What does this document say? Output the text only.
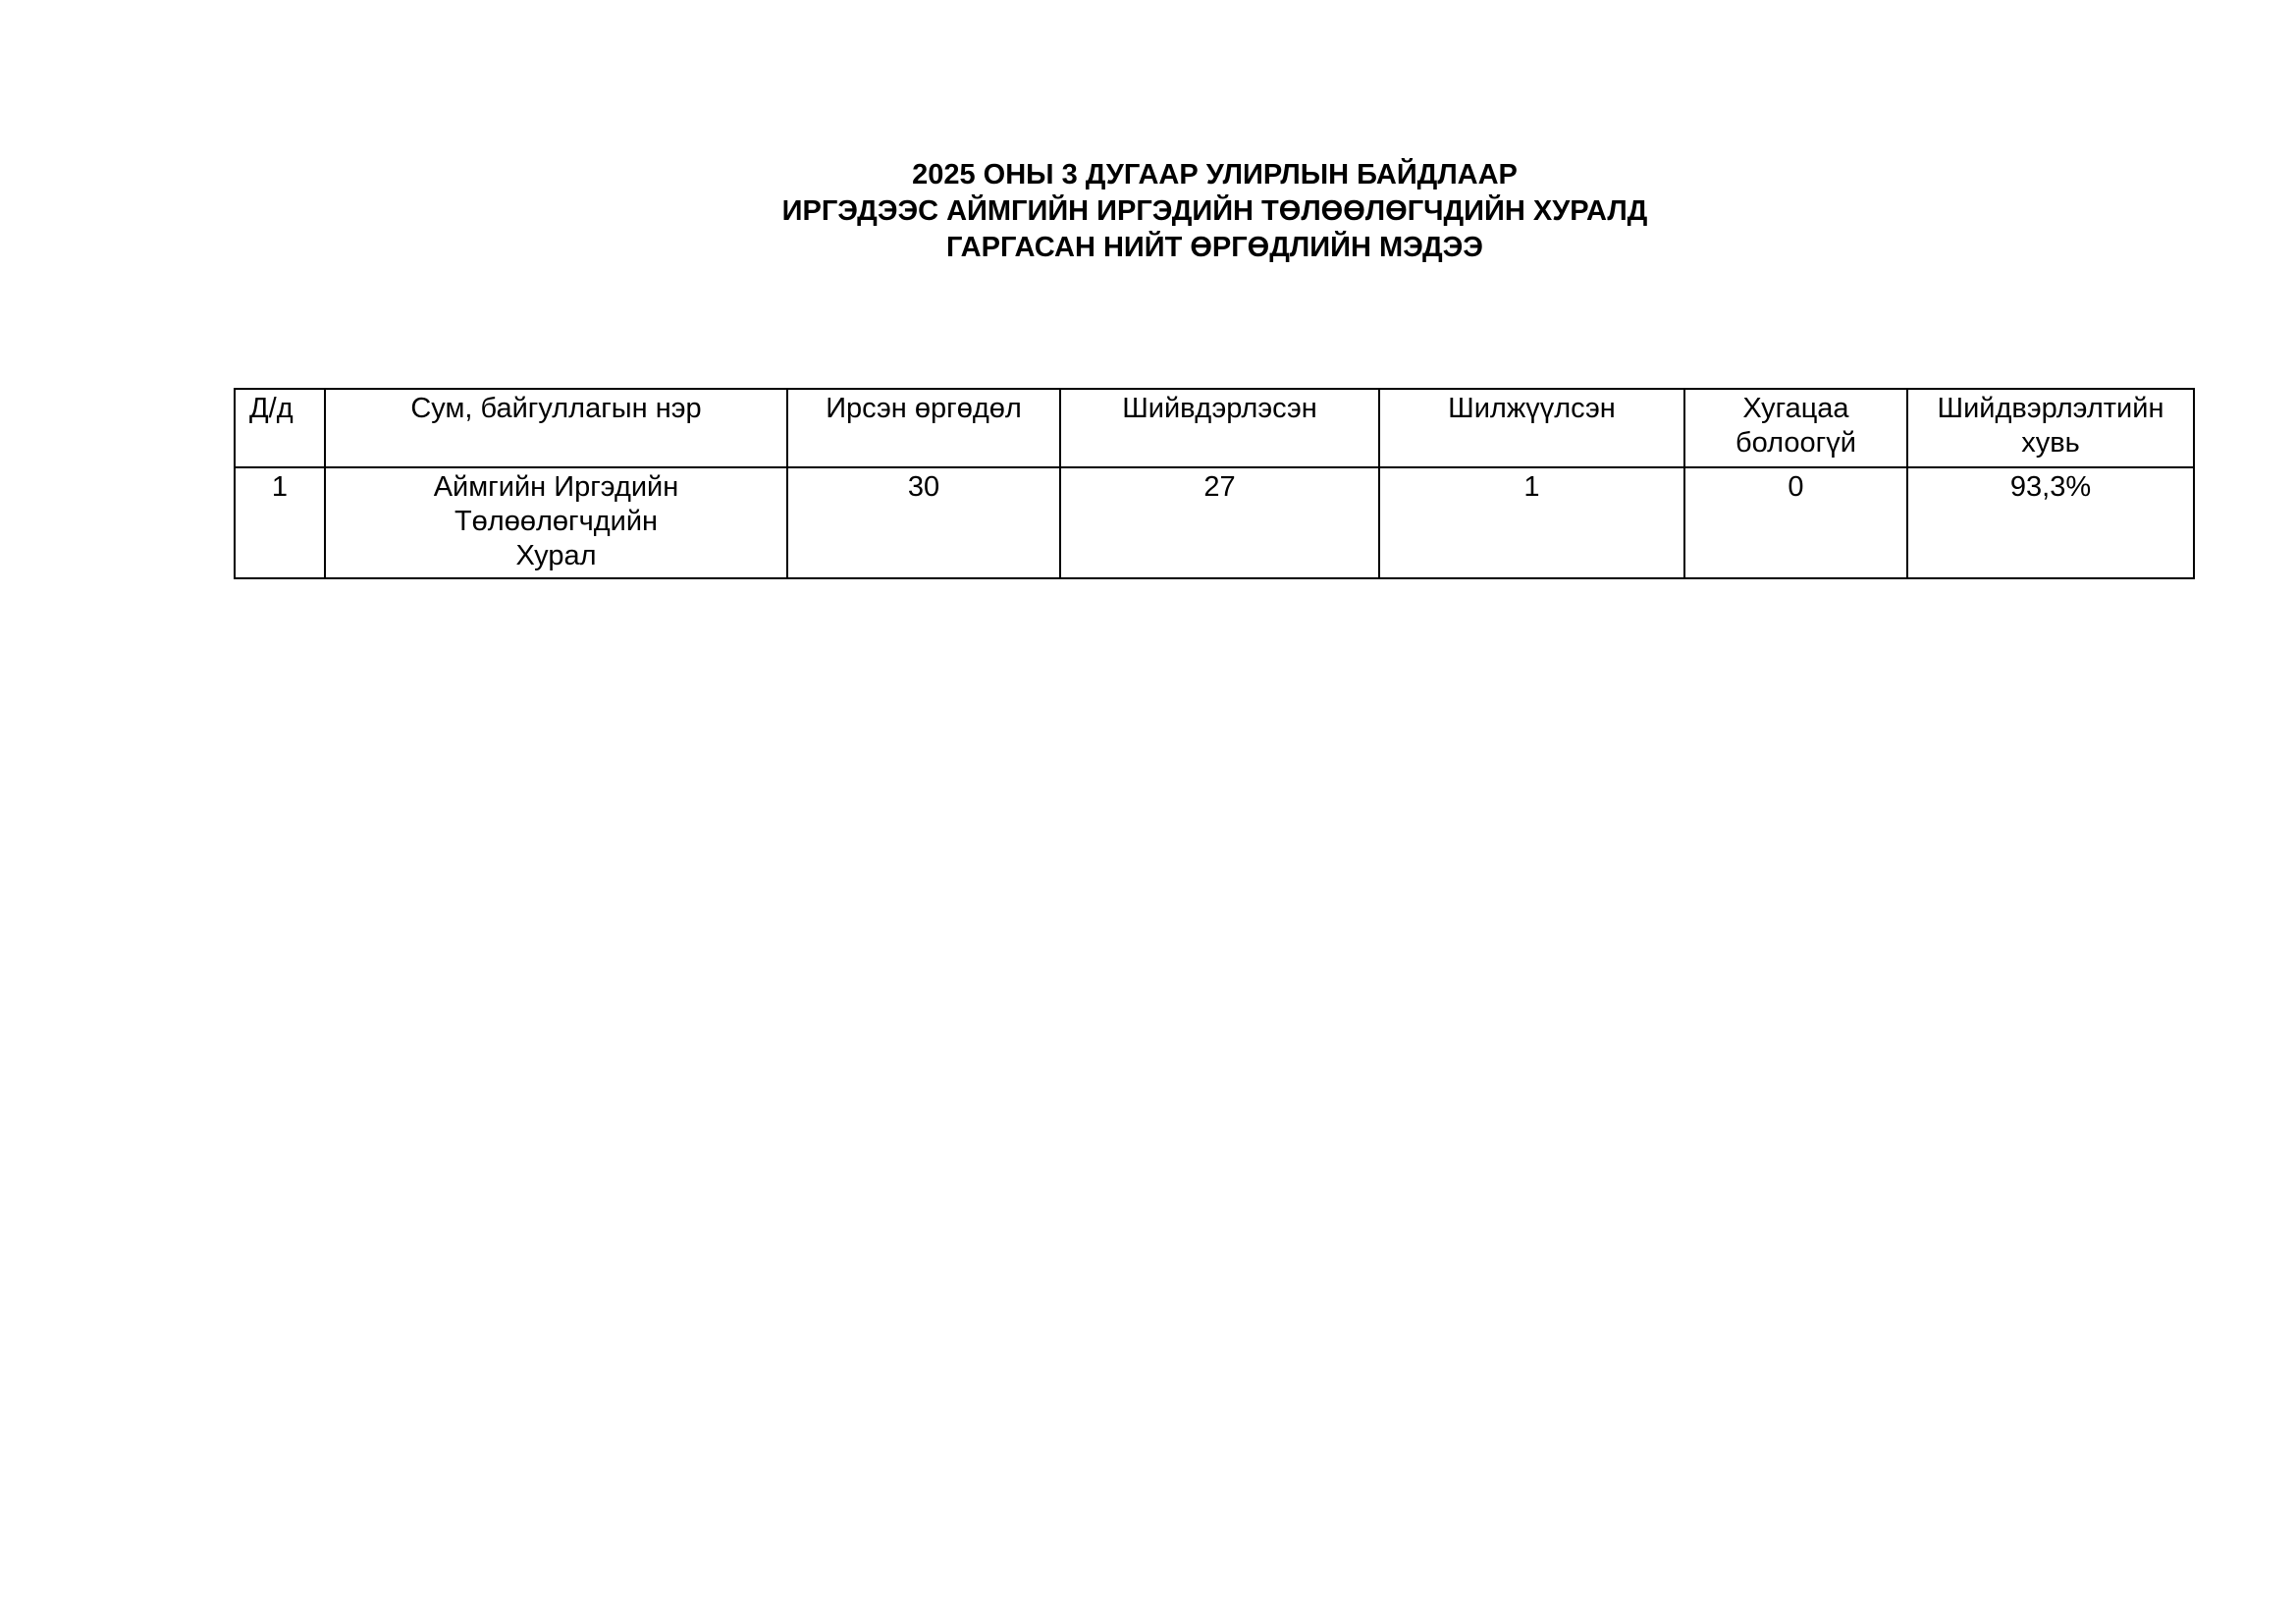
2025 ОНЫ 3 ДУГААР УЛИРЛЫН БАЙДЛААР
ИРГЭДЭЭС АЙМГИЙН ИРГЭДИЙН ТӨЛӨӨЛӨГЧДИЙН ХУРАЛД
ГАРГАСАН НИЙТ ӨРГӨДЛИЙН МЭДЭЭ
Д/д	Сум, байгуллагын нэр	Ирсэн өргөдөл	Шийвдэрлэсэн	Шилжүүлсэн	Хугацаа
болоогүй	Шийдвэрлэлтийн
хувь
1	Аймгийн Иргэдийн
Төлөөлөгчдийн
Хурал	30	27	1	0	93,3%
